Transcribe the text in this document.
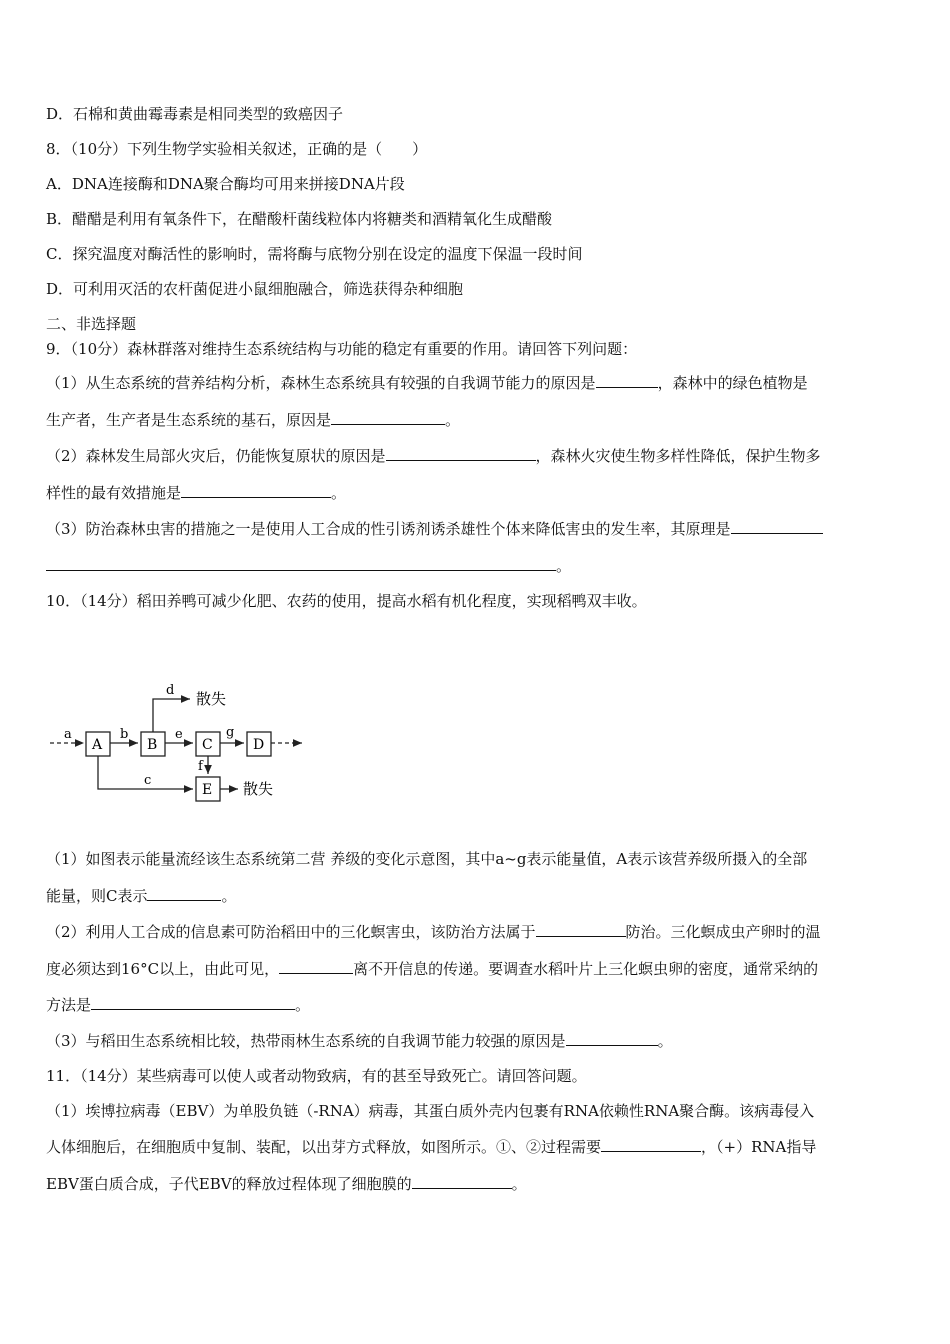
D．石棉和黄曲霉毒素是相同类型的致癌因子
8．（10分）下列生物学实验相关叙述，正确的是（　　）
A．DNA连接酶和DNA聚合酶均可用来拼接DNA片段
B．醋醋是利用有氧条件下，在醋酸杆菌线粒体内将糖类和酒精氧化生成醋酸
C．探究温度对酶活性的影响时，需将酶与底物分别在设定的温度下保温一段时间
D．可利用灭活的农杆菌促进小鼠细胞融合，筛选获得杂种细胞
二、非选择题
9．（10分）森林群落对维持生态系统结构与功能的稳定有重要的作用。请回答下列问题：
（1）从生态系统的营养结构分析，森林生态系统具有较强的自我调节能力的原因是	，森林中的绿色植物是
生产者，生产者是生态系统的基石，原因是	。
（2）森林发生局部火灾后，仍能恢复原状的原因是	，森林火灾使生物多样性降低，保护生物多
样性的最有效措施是	。
（3）防治森林虫害的措施之一是使用人工合成的性引诱剂诱杀雄性个体来降低害虫的发生率，其原理是
。
10．（14分）稻田养鸭可减少化肥、农药的使用，提高水稻有机化程度，实现稻鸭双丰收。
a
A
b
B
d 散失
e
C
g
D
f
c
E 散失
（1）如图表示能量流经该生态系统第二营 养级的变化示意图，其中a~g表示能量值，A表示该营养级所摄入的全部
能量，则C表示	。
（2）利用人工合成的信息素可防治稻田中的三化螟害虫，该防治方法属于	防治。三化螟成虫产卵时的温
度必须达到16°C以上，由此可见，	离不开信息的传递。要调查水稻叶片上三化螟虫卵的密度，通常采纳的
方法是	。
（3）与稻田生态系统相比较，热带雨林生态系统的自我调节能力较强的原因是	。
11．（14分）某些病毒可以使人或者动物致病，有的甚至导致死亡。请回答问题。
（1）埃博拉病毒（EBV）为单股负链（-RNA）病毒，其蛋白质外壳内包裹有RNA依赖性RNA聚合酶。该病毒侵入
人体细胞后，在细胞质中复制、装配，以出芽方式释放，如图所示。①、②过程需要	，（+）RNA指导
EBV蛋白质合成，子代EBV的释放过程体现了细胞膜的	。
